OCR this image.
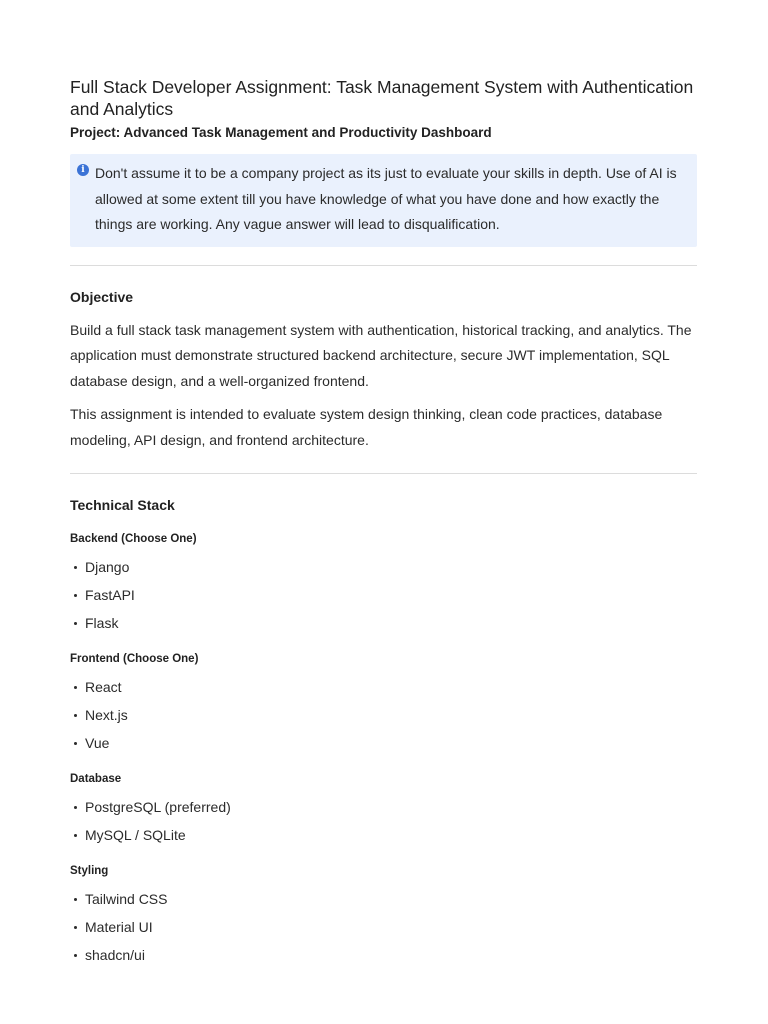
Full Stack Developer Assignment: Task Management System with Authentication and Analytics
Project: Advanced Task Management and Productivity Dashboard
i Don't assume it to be a company project as its just to evaluate your skills in depth. Use of AI is allowed at some extent till you have knowledge of what you have done and how exactly the things are working. Any vague answer will lead to disqualification.

Objective

Build a full stack task management system with authentication, historical tracking, and analytics. The application must demonstrate structured backend architecture, secure JWT implementation, SQL database design, and a well-organized frontend.

This assignment is intended to evaluate system design thinking, clean code practices, database modeling, API design, and frontend architecture.

Technical Stack
Backend (Choose One)
Django
FastAPI
Flask
Frontend (Choose One)
React
Next.js
Vue
Database
PostgreSQL (preferred)
MySQL / SQLite
Styling
Tailwind CSS
Material UI
shadcn/ui
